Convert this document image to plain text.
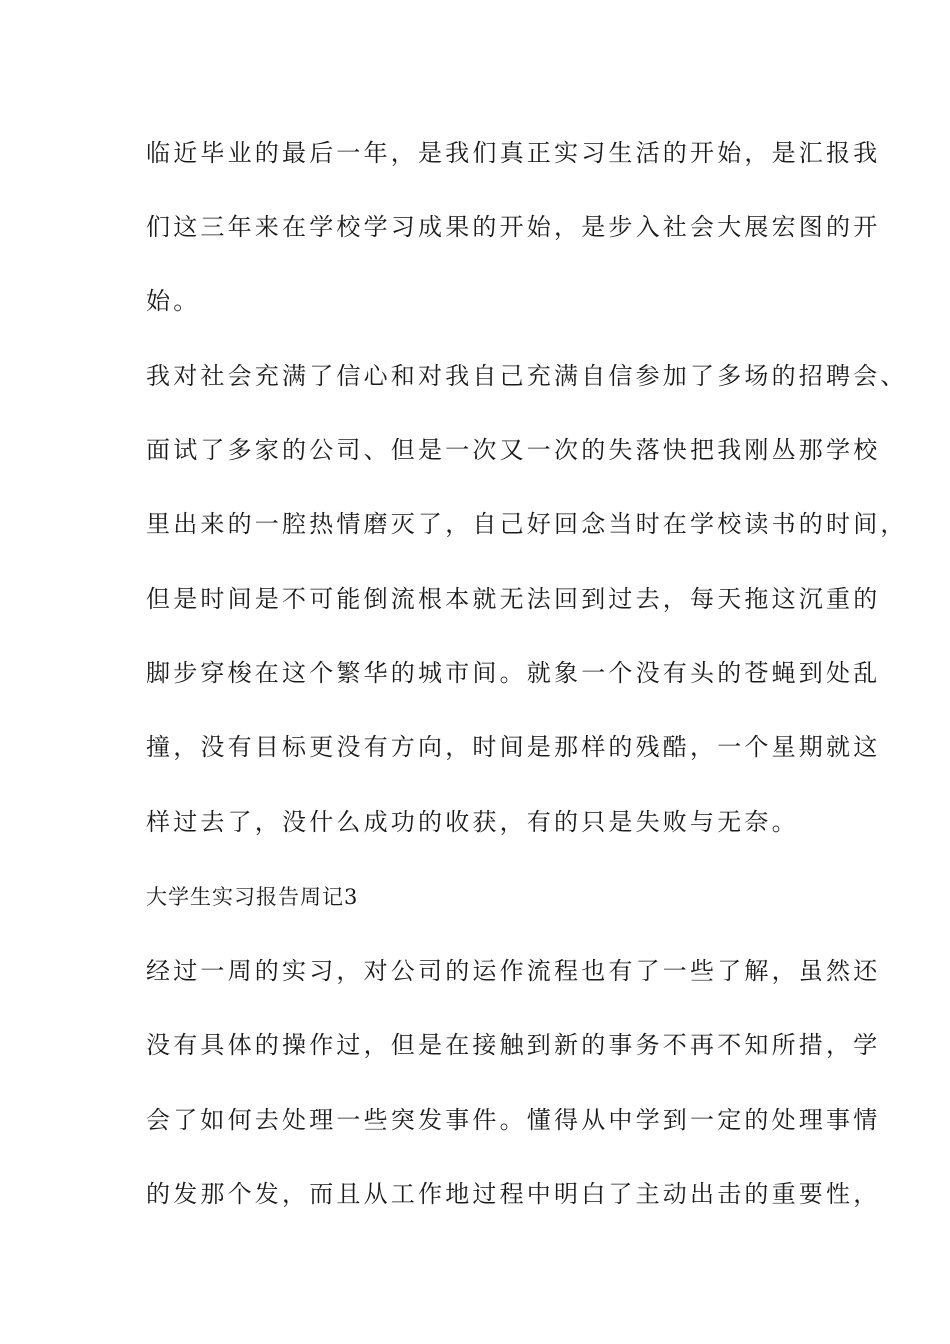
临近毕业的最后一年，是我们真正实习生活的开始，是汇报我
们这三年来在学校学习成果的开始，是步入社会大展宏图的开
始。
我对社会充满了信心和对我自己充满自信参加了多场的招聘会、
面试了多家的公司、但是一次又一次的失落快把我刚丛那学校
里出来的一腔热情磨灭了，自己好回念当时在学校读书的时间，
但是时间是不可能倒流根本就无法回到过去，每天拖这沉重的
脚步穿梭在这个繁华的城市间。就象一个没有头的苍蝇到处乱
撞，没有目标更没有方向，时间是那样的残酷，一个星期就这
样过去了，没什么成功的收获，有的只是失败与无奈。
大学生实习报告周记3
经过一周的实习，对公司的运作流程也有了一些了解，虽然还
没有具体的操作过，但是在接触到新的事务不再不知所措，学
会了如何去处理一些突发事件。懂得从中学到一定的处理事情
的发那个发，而且从工作地过程中明白了主动出击的重要性，
